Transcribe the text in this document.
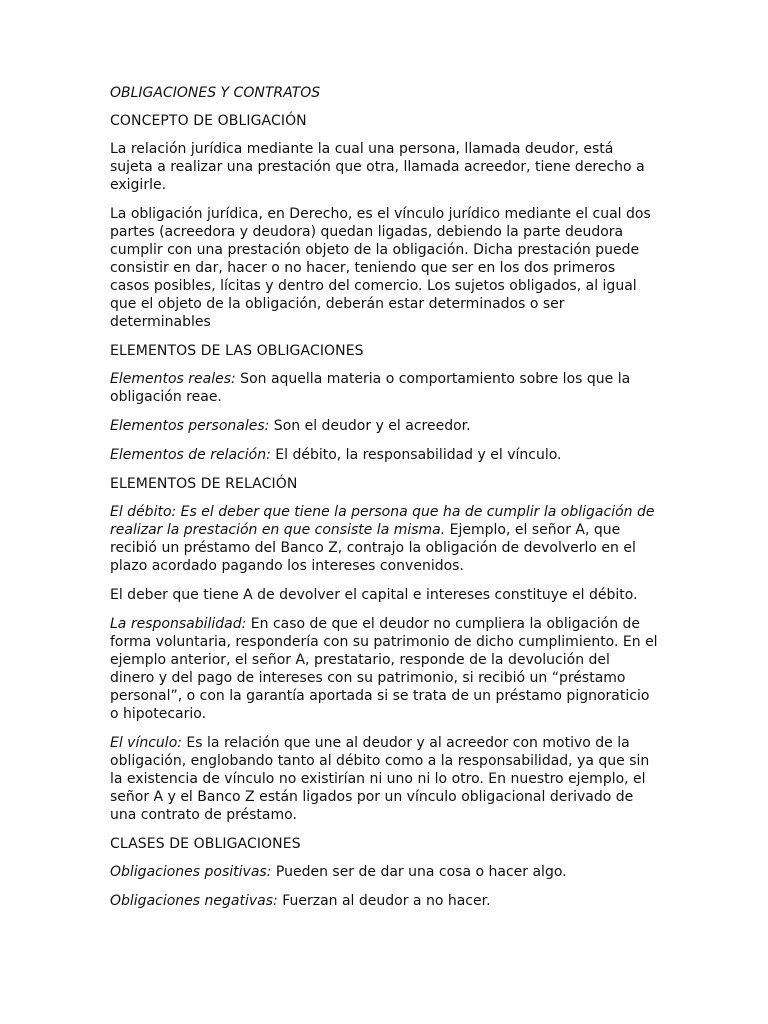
OBLIGACIONES Y CONTRATOS
CONCEPTO DE OBLIGACIÓN

La relación jurídica mediante la cual una persona, llamada deudor, está sujeta a realizar una prestación que otra, llamada acreedor, tiene derecho a exigirle.

La obligación jurídica, en Derecho, es el vínculo jurídico mediante el cual dos partes (acreedora y deudora) quedan ligadas, debiendo la parte deudora cumplir con una prestación objeto de la obligación. Dicha prestación puede consistir en dar, hacer o no hacer, teniendo que ser en los dos primeros casos posibles, lícitas y dentro del comercio. Los sujetos obligados, al igual que el objeto de la obligación, deberán estar determinados o ser determinables

ELEMENTOS DE LAS OBLIGACIONES

Elementos reales: Son aquella materia o comportamiento sobre los que la obligación reae.

Elementos personales: Son el deudor y el acreedor.

Elementos de relación: El débito, la responsabilidad y el vínculo.

ELEMENTOS DE RELACIÓN

El débito: Es el deber que tiene la persona que ha de cumplir la obligación de realizar la prestación en que consiste la misma. Ejemplo, el señor A, que recibió un préstamo del Banco Z, contrajo la obligación de devolverlo en el plazo acordado pagando los intereses convenidos.

El deber que tiene A de devolver el capital e intereses constituye el débito.

La responsabilidad: En caso de que el deudor no cumpliera la obligación de forma voluntaria, respondería con su patrimonio de dicho cumplimiento. En el ejemplo anterior, el señor A, prestatario, responde de la devolución del dinero y del pago de intereses con su patrimonio, si recibió un “préstamo personal”, o con la garantía aportada si se trata de un préstamo pignoraticio o hipotecario.

El vínculo: Es la relación que une al deudor y al acreedor con motivo de la obligación, englobando tanto al débito como a la responsabilidad, ya que sin la existencia de vínculo no existirían ni uno ni lo otro. En nuestro ejemplo, el señor A y el Banco Z están ligados por un vínculo obligacional derivado de una contrato de préstamo.

CLASES DE OBLIGACIONES

Obligaciones positivas: Pueden ser de dar una cosa o hacer algo.

Obligaciones negativas: Fuerzan al deudor a no hacer.
